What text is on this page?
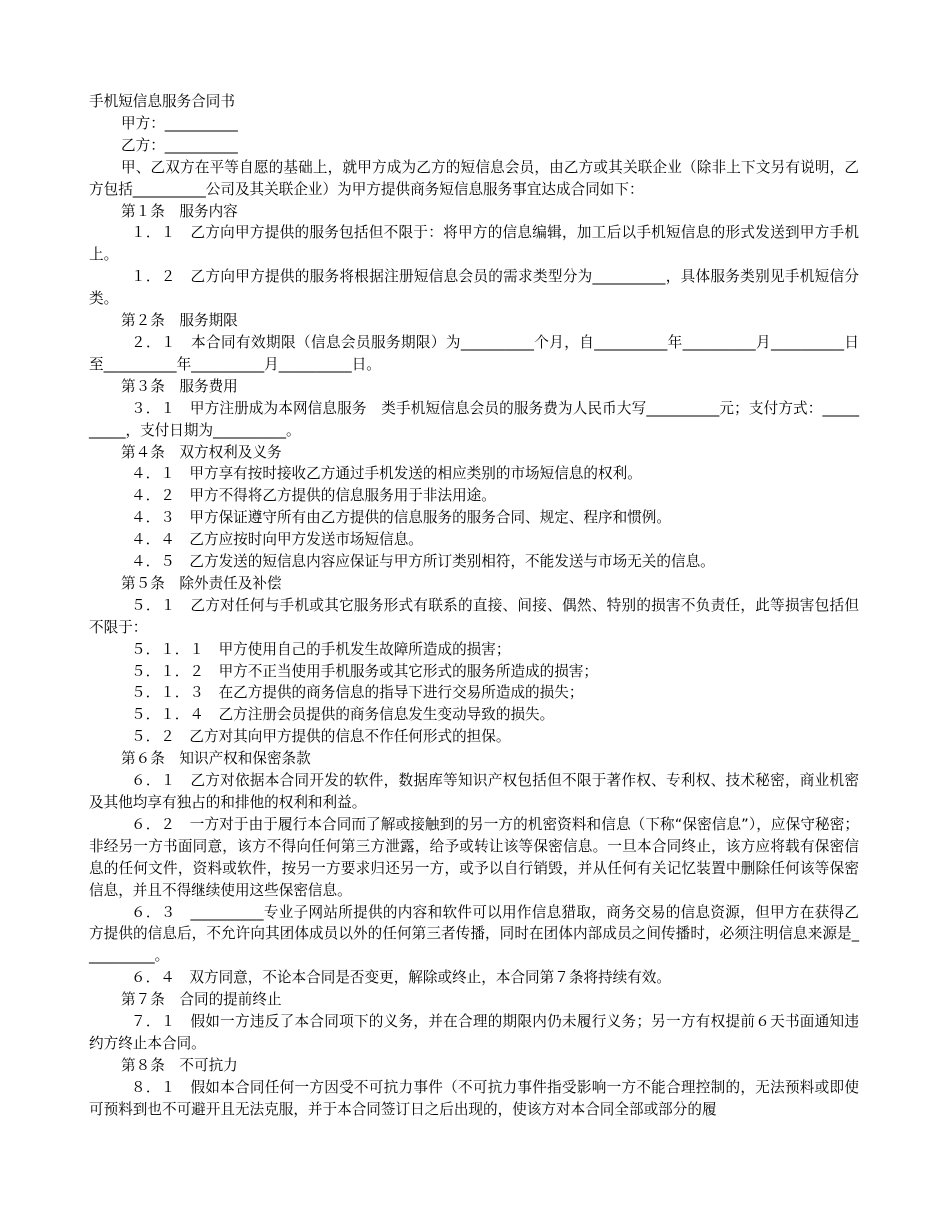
手机短信息服务合同书

甲方：__________

乙方：__________

甲、乙双方在平等自愿的基础上，就甲方成为乙方的短信息会员，由乙方或其关联企业（除非上下文另有说明，乙方包括__________公司及其关联企业）为甲方提供商务短信息服务事宜达成合同如下：

第１条　服务内容

１．１　乙方向甲方提供的服务包括但不限于：将甲方的信息编辑，加工后以手机短信息的形式发送到甲方手机上。

１．２　乙方向甲方提供的服务将根据注册短信息会员的需求类型分为__________，具体服务类别见手机短信分类。

第２条　服务期限

２．１　本合同有效期限（信息会员服务期限）为__________个月，自__________年__________月__________日至__________年__________月__________日。

第３条　服务费用

３．１　甲方注册成为本网信息服务　类手机短信息会员的服务费为人民币大写__________元；支付方式：__________，支付日期为__________。

第４条　双方权利及义务

４．１　甲方享有按时接收乙方通过手机发送的相应类别的市场短信息的权利。

４．２　甲方不得将乙方提供的信息服务用于非法用途。

４．３　甲方保证遵守所有由乙方提供的信息服务的服务合同、规定、程序和惯例。

４．４　乙方应按时向甲方发送市场短信息。

４．５　乙方发送的短信息内容应保证与甲方所订类别相符，不能发送与市场无关的信息。

第５条　除外责任及补偿

５．１　乙方对任何与手机或其它服务形式有联系的直接、间接、偶然、特别的损害不负责任，此等损害包括但不限于：

５．１．１　甲方使用自己的手机发生故障所造成的损害；

５．１．２　甲方不正当使用手机服务或其它形式的服务所造成的损害；

５．１．３　在乙方提供的商务信息的指导下进行交易所造成的损失；

５．１．４　乙方注册会员提供的商务信息发生变动导致的损失。

５．２　乙方对其向甲方提供的信息不作任何形式的担保。

第６条　知识产权和保密条款

６．１　乙方对依据本合同开发的软件，数据库等知识产权包括但不限于著作权、专利权、技术秘密，商业机密及其他均享有独占的和排他的权利和利益。

６．２　一方对于由于履行本合同而了解或接触到的另一方的机密资料和信息（下称“保密信息”），应保守秘密；非经另一方书面同意，该方不得向任何第三方泄露，给予或转让该等保密信息。一旦本合同终止，该方应将载有保密信息的任何文件，资料或软件，按另一方要求归还另一方，或予以自行销毁，并从任何有关记忆装置中删除任何该等保密信息，并且不得继续使用这些保密信息。

６．３　__________专业子网站所提供的内容和软件可以用作信息猎取，商务交易的信息资源，但甲方在获得乙方提供的信息后，不允许向其团体成员以外的任何第三者传播，同时在团体内部成员之间传播时，必须注明信息来源是__________。

６．４　双方同意，不论本合同是否变更，解除或终止，本合同第７条将持续有效。

第７条　合同的提前终止

７．１　假如一方违反了本合同项下的义务，并在合理的期限内仍未履行义务；另一方有权提前６天书面通知违约方终止本合同。

第８条　不可抗力

８．１　假如本合同任何一方因受不可抗力事件（不可抗力事件指受影响一方不能合理控制的，无法预料或即使可预料到也不可避开且无法克服，并于本合同签订日之后出现的，使该方对本合同全部或部分的履
